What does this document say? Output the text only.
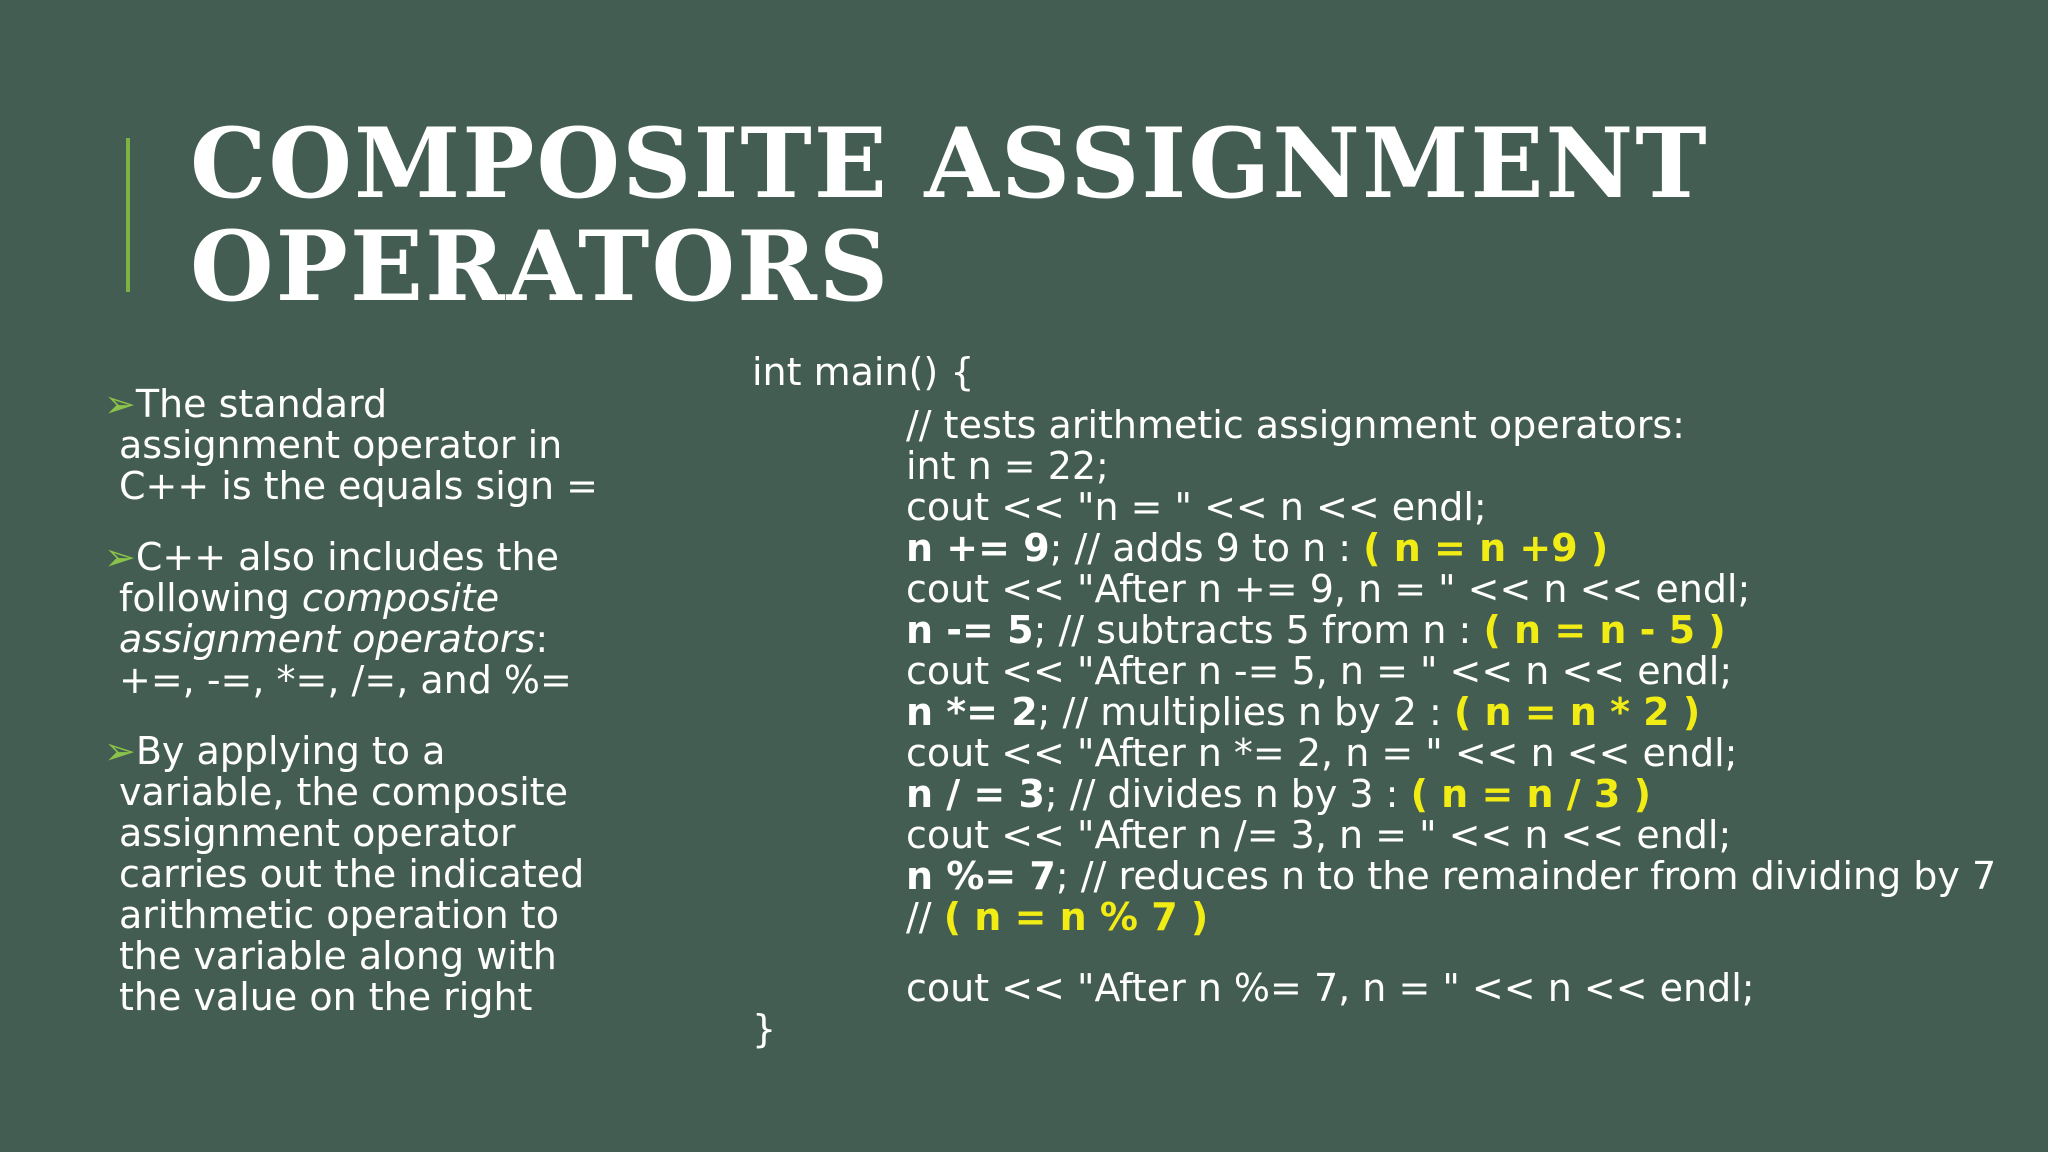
COMPOSITE ASSIGNMENT
OPERATORS
➢The standard
assignment operator in
C++ is the equals sign =
➢C++ also includes the
following composite
assignment operators:
+=, -=, *=, /=, and %=
➢By applying to a
variable, the composite
assignment operator
carries out the indicated
arithmetic operation to
the variable along with
the value on the right
int main() {
// tests arithmetic assignment operators:
int n = 22;
cout << "n = " << n << endl;
n += 9; // adds 9 to n : ( n = n +9 )
cout << "After n += 9, n = " << n << endl;
n -= 5; // subtracts 5 from n : ( n = n - 5 )
cout << "After n -= 5, n = " << n << endl;
n *= 2; // multiplies n by 2 : ( n = n * 2 )
cout << "After n *= 2, n = " << n << endl;
n / = 3; // divides n by 3 : ( n = n / 3 )
cout << "After n /= 3, n = " << n << endl;
n %= 7; // reduces n to the remainder from dividing by 7
// ( n = n % 7 )
cout << "After n %= 7, n = " << n << endl;
}
